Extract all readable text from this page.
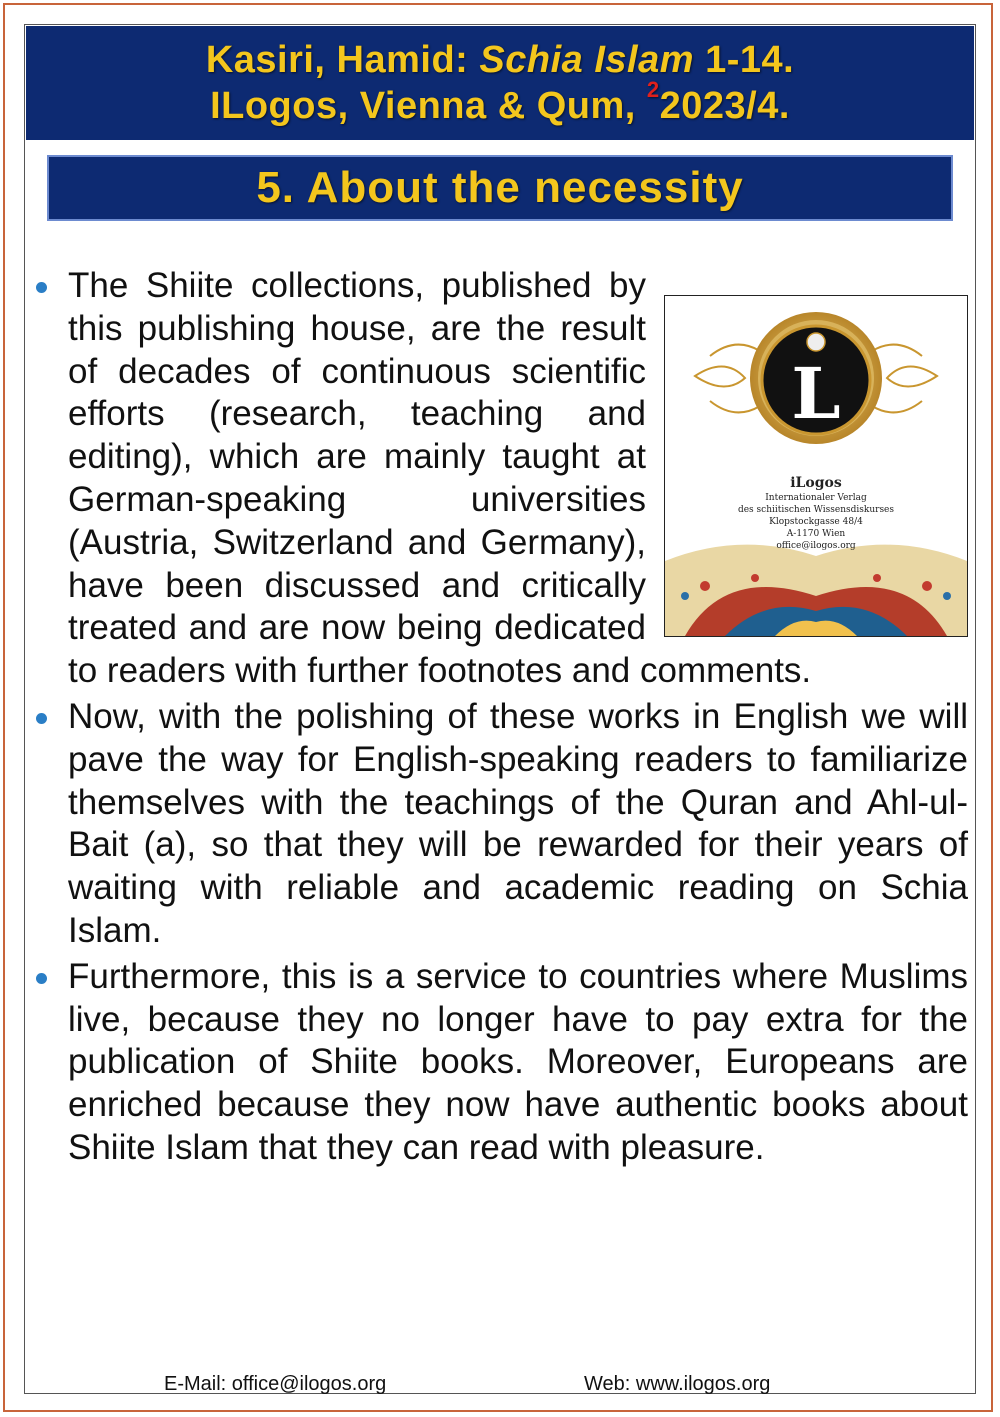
Kasiri, Hamid: Schia Islam 1-14.
ILogos, Vienna & Qum, $^2$2023/4.
5. About the necessity
L
iLogos
Internationaler Verlag
des schiitischen Wissensdiskurses
Klopstockgasse 48/4
A-1170 Wien
office@ilogos.org

The Shiite collections, published by this publishing house, are the result of decades of continuous scientific efforts (research, teaching and editing), which are mainly taught at German-speaking universities (Austria, Switzerland and Germany), have been discussed and critically treated and are now being dedicated to readers with further footnotes and comments.

Now, with the polishing of these works in English we will pave the way for English-speaking readers to familiarize themselves with the teachings of the Quran and Ahl-ul-Bait (a), so that they will be rewarded for their years of waiting with reliable and academic reading on Schia Islam.

Furthermore, this is a service to countries where Muslims live, because they no longer have to pay extra for the publication of Shiite books. Moreover, Europeans are enriched because they now have authentic books about Shiite Islam that they can read with pleasure.

E-Mail: office@ilogos.org	Web: www.ilogos.org
